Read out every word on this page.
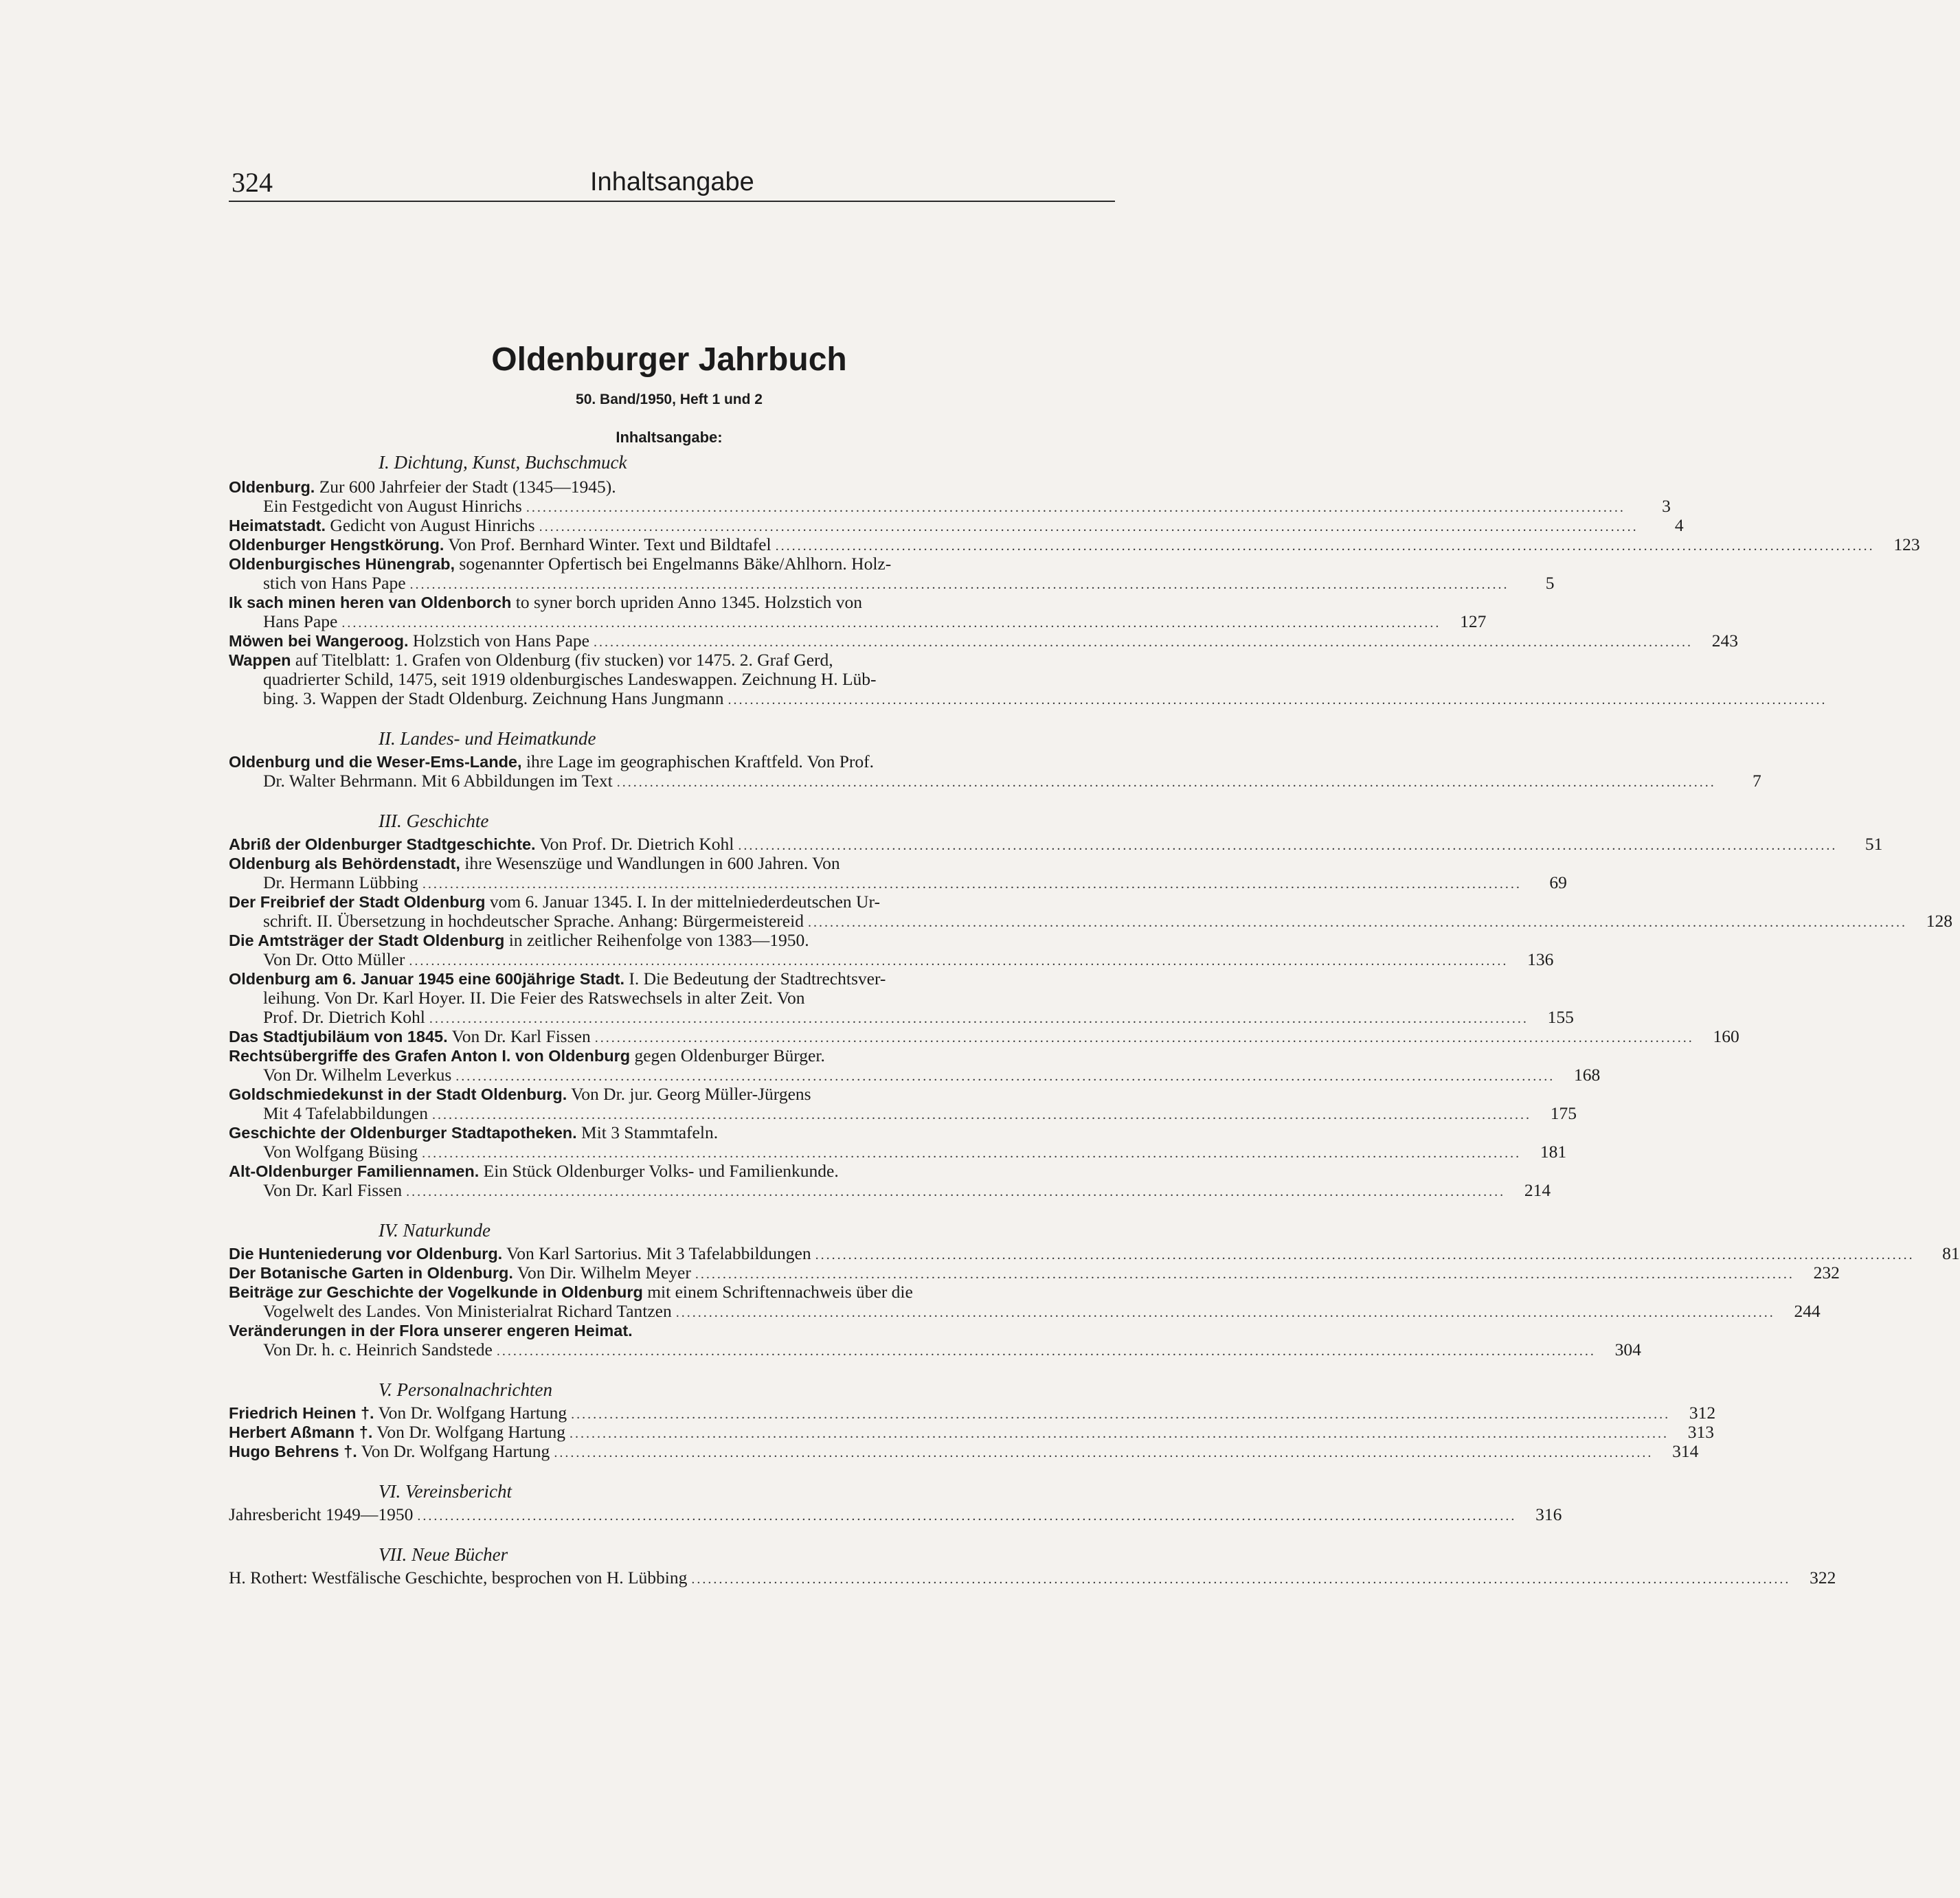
324	Inhaltsangabe
Oldenburger Jahrbuch
50. Band/1950, Heft 1 und 2
Inhaltsangabe:
I. Dichtung, Kunst, Buchschmuck
Oldenburg. Zur 600 Jahrfeier der Stadt (1345—1945).
Ein Festgedicht von August Hinrichs ........................................................................................................................................................................................................	3
Heimatstadt. Gedicht von August Hinrichs ........................................................................................................................................................................................................	4
Oldenburger Hengstkörung. Von Prof. Bernhard Winter. Text und Bildtafel ........................................................................................................................................................................................................	123
Oldenburgisches Hünengrab, sogenannter Opfertisch bei Engelmanns Bäke/Ahlhorn. Holz-
stich von Hans Pape ........................................................................................................................................................................................................	5
Ik sach minen heren van Oldenborch to syner borch upriden Anno 1345. Holzstich von
Hans Pape ........................................................................................................................................................................................................	127
Möwen bei Wangeroog. Holzstich von Hans Pape ........................................................................................................................................................................................................	243
Wappen auf Titelblatt: 1. Grafen von Oldenburg (fiv stucken) vor 1475. 2. Graf Gerd,
quadrierter Schild, 1475, seit 1919 oldenburgisches Landeswappen. Zeichnung H. Lüb-
bing. 3. Wappen der Stadt Oldenburg. Zeichnung Hans Jungmann ........................................................................................................................................................................................................
II. Landes- und Heimatkunde
Oldenburg und die Weser-Ems-Lande, ihre Lage im geographischen Kraftfeld. Von Prof.
Dr. Walter Behrmann. Mit 6 Abbildungen im Text ........................................................................................................................................................................................................	7
III. Geschichte
Abriß der Oldenburger Stadtgeschichte. Von Prof. Dr. Dietrich Kohl ........................................................................................................................................................................................................	51
Oldenburg als Behördenstadt, ihre Wesenszüge und Wandlungen in 600 Jahren. Von
Dr. Hermann Lübbing ........................................................................................................................................................................................................	69
Der Freibrief der Stadt Oldenburg vom 6. Januar 1345. I. In der mittelniederdeutschen Ur-
schrift. II. Übersetzung in hochdeutscher Sprache. Anhang: Bürgermeistereid ........................................................................................................................................................................................................	128
Die Amtsträger der Stadt Oldenburg in zeitlicher Reihenfolge von 1383—1950.
Von Dr. Otto Müller ........................................................................................................................................................................................................	136
Oldenburg am 6. Januar 1945 eine 600jährige Stadt. I. Die Bedeutung der Stadtrechtsver-
leihung. Von Dr. Karl Hoyer. II. Die Feier des Ratswechsels in alter Zeit. Von
Prof. Dr. Dietrich Kohl ........................................................................................................................................................................................................	155
Das Stadtjubiläum von 1845. Von Dr. Karl Fissen ........................................................................................................................................................................................................	160
Rechtsübergriffe des Grafen Anton I. von Oldenburg gegen Oldenburger Bürger.
Von Dr. Wilhelm Leverkus ........................................................................................................................................................................................................	168
Goldschmiedekunst in der Stadt Oldenburg. Von Dr. jur. Georg Müller-Jürgens
Mit 4 Tafelabbildungen ........................................................................................................................................................................................................	175
Geschichte der Oldenburger Stadtapotheken. Mit 3 Stammtafeln.
Von Wolfgang Büsing ........................................................................................................................................................................................................	181
Alt-Oldenburger Familiennamen. Ein Stück Oldenburger Volks- und Familienkunde.
Von Dr. Karl Fissen ........................................................................................................................................................................................................	214
IV. Naturkunde
Die Hunteniederung vor Oldenburg. Von Karl Sartorius. Mit 3 Tafelabbildungen ........................................................................................................................................................................................................	81
Der Botanische Garten in Oldenburg. Von Dir. Wilhelm Meyer ........................................................................................................................................................................................................	232
Beiträge zur Geschichte der Vogelkunde in Oldenburg mit einem Schriftennachweis über die
Vogelwelt des Landes. Von Ministerialrat Richard Tantzen ........................................................................................................................................................................................................	244
Veränderungen in der Flora unserer engeren Heimat.
Von Dr. h. c. Heinrich Sandstede ........................................................................................................................................................................................................	304
V. Personalnachrichten
Friedrich Heinen †. Von Dr. Wolfgang Hartung ........................................................................................................................................................................................................	312
Herbert Aßmann †. Von Dr. Wolfgang Hartung ........................................................................................................................................................................................................	313
Hugo Behrens †. Von Dr. Wolfgang Hartung ........................................................................................................................................................................................................	314
VI. Vereinsbericht
Jahresbericht 1949—1950 ........................................................................................................................................................................................................	316
VII. Neue Bücher
H. Rothert: Westfälische Geschichte, besprochen von H. Lübbing ........................................................................................................................................................................................................	322
